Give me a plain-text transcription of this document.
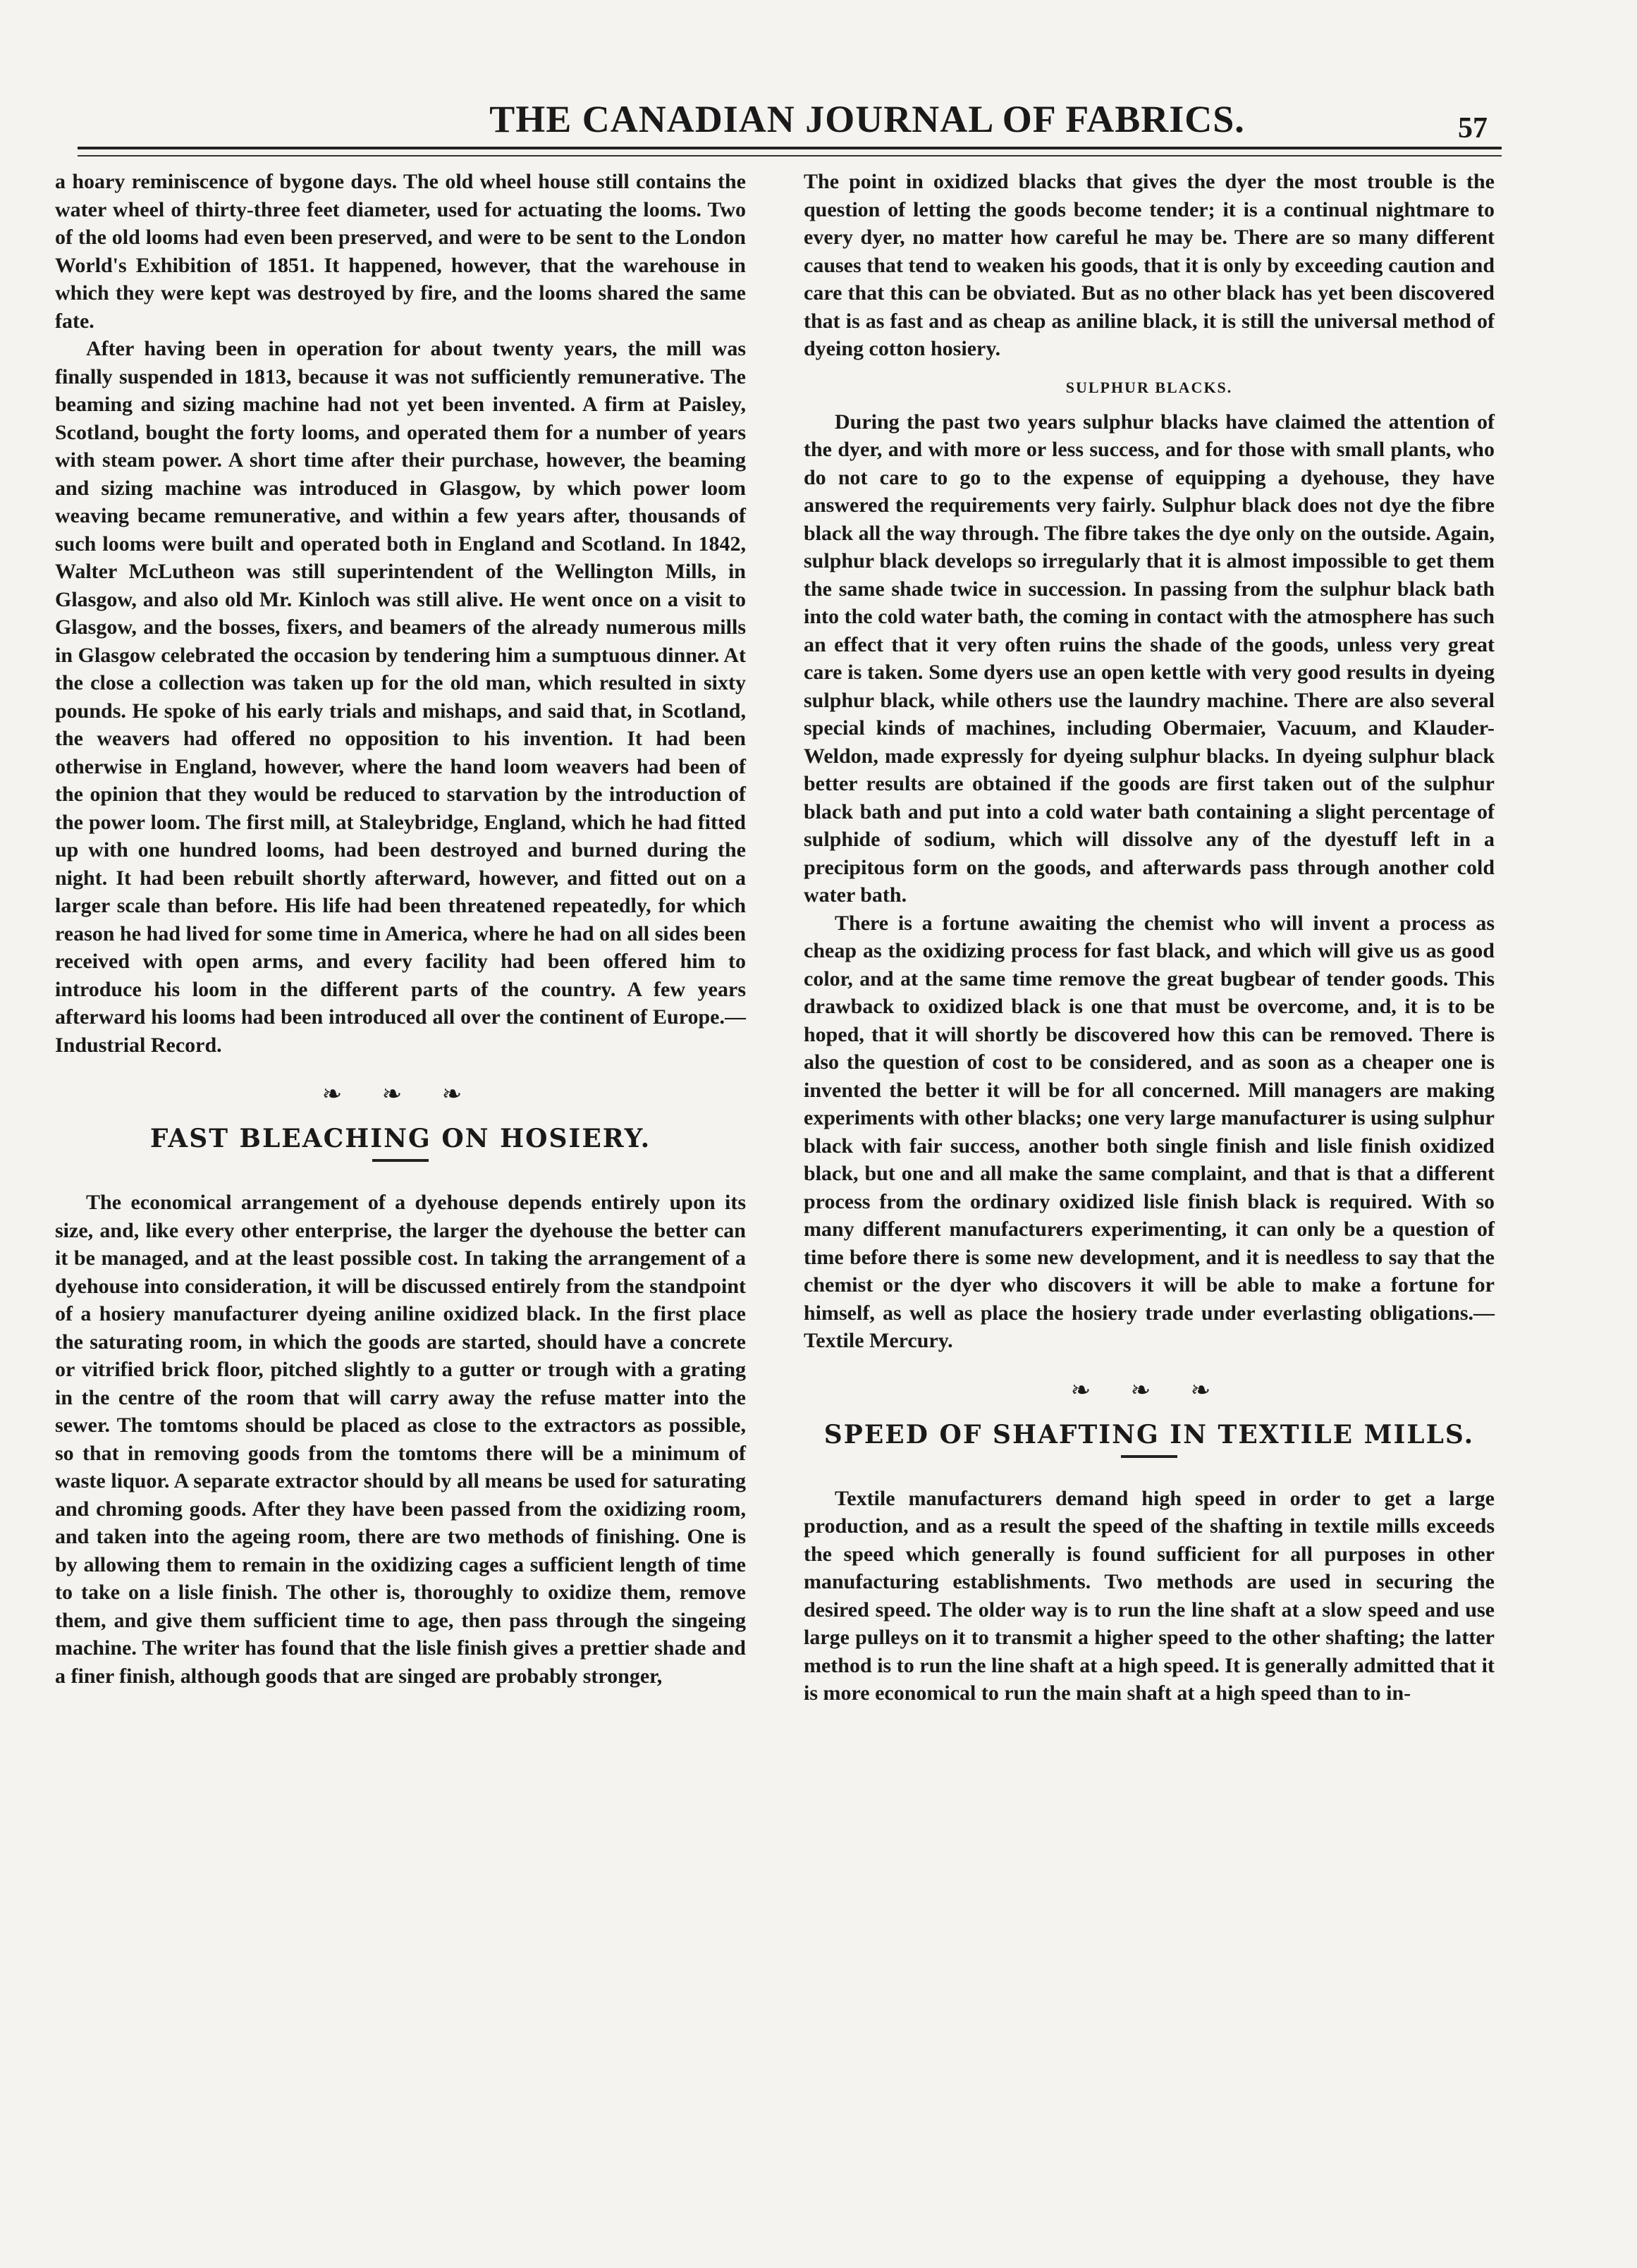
THE CANADIAN JOURNAL OF FABRICS.	57

a hoary reminiscence of bygone days. The old wheel house still contains the water wheel of thirty-three feet diameter, used for actuating the looms. Two of the old looms had even been preserved, and were to be sent to the London World's Exhibition of 1851. It happened, however, that the warehouse in which they were kept was destroyed by fire, and the looms shared the same fate.

After having been in operation for about twenty years, the mill was finally suspended in 1813, because it was not sufficiently remunerative. The beaming and sizing machine had not yet been invented. A firm at Paisley, Scotland, bought the forty looms, and operated them for a number of years with steam power. A short time after their purchase, however, the beaming and sizing machine was introduced in Glasgow, by which power loom weaving became remunerative, and within a few years after, thousands of such looms were built and operated both in England and Scotland. In 1842, Walter McLutheon was still superintendent of the Wellington Mills, in Glasgow, and also old Mr. Kinloch was still alive. He went once on a visit to Glasgow, and the bosses, fixers, and beamers of the already numerous mills in Glasgow celebrated the occasion by tendering him a sumptuous dinner. At the close a collection was taken up for the old man, which resulted in sixty pounds. He spoke of his early trials and mishaps, and said that, in Scotland, the weavers had offered no opposition to his invention. It had been otherwise in England, however, where the hand loom weavers had been of the opinion that they would be reduced to starvation by the introduction of the power loom. The first mill, at Staleybridge, England, which he had fitted up with one hundred looms, had been destroyed and burned during the night. It had been rebuilt shortly afterward, however, and fitted out on a larger scale than before. His life had been threatened repeatedly, for which reason he had lived for some time in America, where he had on all sides been received with open arms, and every facility had been offered him to introduce his loom in the different parts of the country. A few years afterward his looms had been introduced all over the continent of Europe.—Industrial Record.

❧ ❧ ❧
FAST BLEACHING ON HOSIERY.

The economical arrangement of a dyehouse depends entirely upon its size, and, like every other enterprise, the larger the dyehouse the better can it be managed, and at the least possible cost. In taking the arrangement of a dyehouse into consideration, it will be discussed entirely from the standpoint of a hosiery manufacturer dyeing aniline oxidized black. In the first place the saturating room, in which the goods are started, should have a concrete or vitrified brick floor, pitched slightly to a gutter or trough with a grating in the centre of the room that will carry away the refuse matter into the sewer. The tomtoms should be placed as close to the extractors as possible, so that in removing goods from the tomtoms there will be a minimum of waste liquor. A separate extractor should by all means be used for saturating and chroming goods. After they have been passed from the oxidizing room, and taken into the ageing room, there are two methods of finishing. One is by allowing them to remain in the oxidizing cages a sufficient length of time to take on a lisle finish. The other is, thoroughly to oxidize them, remove them, and give them sufficient time to age, then pass through the singeing machine. The writer has found that the lisle finish gives a prettier shade and a finer finish, although goods that are singed are probably stronger,

The point in oxidized blacks that gives the dyer the most trouble is the question of letting the goods become tender; it is a continual nightmare to every dyer, no matter how careful he may be. There are so many different causes that tend to weaken his goods, that it is only by exceeding caution and care that this can be obviated. But as no other black has yet been discovered that is as fast and as cheap as aniline black, it is still the universal method of dyeing cotton hosiery.

SULPHUR BLACKS.

During the past two years sulphur blacks have claimed the attention of the dyer, and with more or less success, and for those with small plants, who do not care to go to the expense of equipping a dyehouse, they have answered the requirements very fairly. Sulphur black does not dye the fibre black all the way through. The fibre takes the dye only on the outside. Again, sulphur black develops so irregularly that it is almost impossible to get them the same shade twice in succession. In passing from the sulphur black bath into the cold water bath, the coming in contact with the atmosphere has such an effect that it very often ruins the shade of the goods, unless very great care is taken. Some dyers use an open kettle with very good results in dyeing sulphur black, while others use the laundry machine. There are also several special kinds of machines, including Obermaier, Vacuum, and Klauder-Weldon, made expressly for dyeing sulphur blacks. In dyeing sulphur black better results are obtained if the goods are first taken out of the sulphur black bath and put into a cold water bath containing a slight percentage of sulphide of sodium, which will dissolve any of the dyestuff left in a precipitous form on the goods, and afterwards pass through another cold water bath.

There is a fortune awaiting the chemist who will invent a process as cheap as the oxidizing process for fast black, and which will give us as good color, and at the same time remove the great bugbear of tender goods. This drawback to oxidized black is one that must be overcome, and, it is to be hoped, that it will shortly be discovered how this can be removed. There is also the question of cost to be considered, and as soon as a cheaper one is invented the better it will be for all concerned. Mill managers are making experiments with other blacks; one very large manufacturer is using sulphur black with fair success, another both single finish and lisle finish oxidized black, but one and all make the same complaint, and that is that a different process from the ordinary oxidized lisle finish black is required. With so many different manufacturers experimenting, it can only be a question of time before there is some new development, and it is needless to say that the chemist or the dyer who discovers it will be able to make a fortune for himself, as well as place the hosiery trade under everlasting obligations.—Textile Mercury.

❧ ❧ ❧
SPEED OF SHAFTING IN TEXTILE MILLS.

Textile manufacturers demand high speed in order to get a large production, and as a result the speed of the shafting in textile mills exceeds the speed which generally is found sufficient for all purposes in other manufacturing establishments. Two methods are used in securing the desired speed. The older way is to run the line shaft at a slow speed and use large pulleys on it to transmit a higher speed to the other shafting; the latter method is to run the line shaft at a high speed. It is generally admitted that it is more economical to run the main shaft at a high speed than to in-
